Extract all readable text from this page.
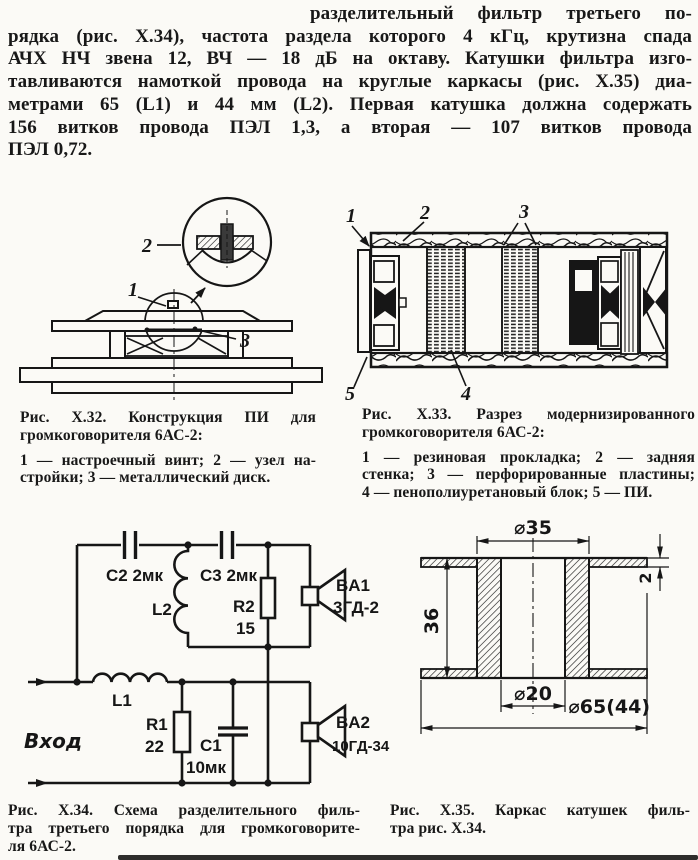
разделительный фильтр третьего по-
рядка (рис. X.34), частота раздела которого 4 кГц, крутизна спада
АЧХ НЧ звена 12, ВЧ — 18 дБ на октаву. Катушки фильтра изго-
тавливаются намоткой провода на круглые каркасы (рис. X.35) диа-
метрами 65 (L1) и 44 мм (L2). Первая катушка должна содержать
156 витков провода ПЭЛ 1,3, а вторая — 107 витков провода
ПЭЛ 0,72.
1
2
3
1	2	3
4
5
C2 2мк C3 2мк
L2	R2
15
BA1
3ГД-2
L1
R1
22 C1
10мк
BA2
10ГД-34
Вход
⌀35
36
2
⌀20
⌀65(44)
Рис. X.32. Конструкция ПИ для
громкоговорителя 6АС-2:
1 — настроечный винт; 2 — узел на-
стройки; 3 — металлический диск.
Рис. X.33. Разрез модернизированного
громкоговорителя 6АС-2:
1 — резиновая прокладка; 2 — задняя
стенка; 3 — перфорированные пластины;
4 — пенополиуретановый блок; 5 — ПИ.
Рис. X.34. Схема разделительного филь-
тра третьего порядка для громкоговорите-
ля 6АС-2.
Рис. X.35. Каркас катушек филь-
тра рис. X.34.
